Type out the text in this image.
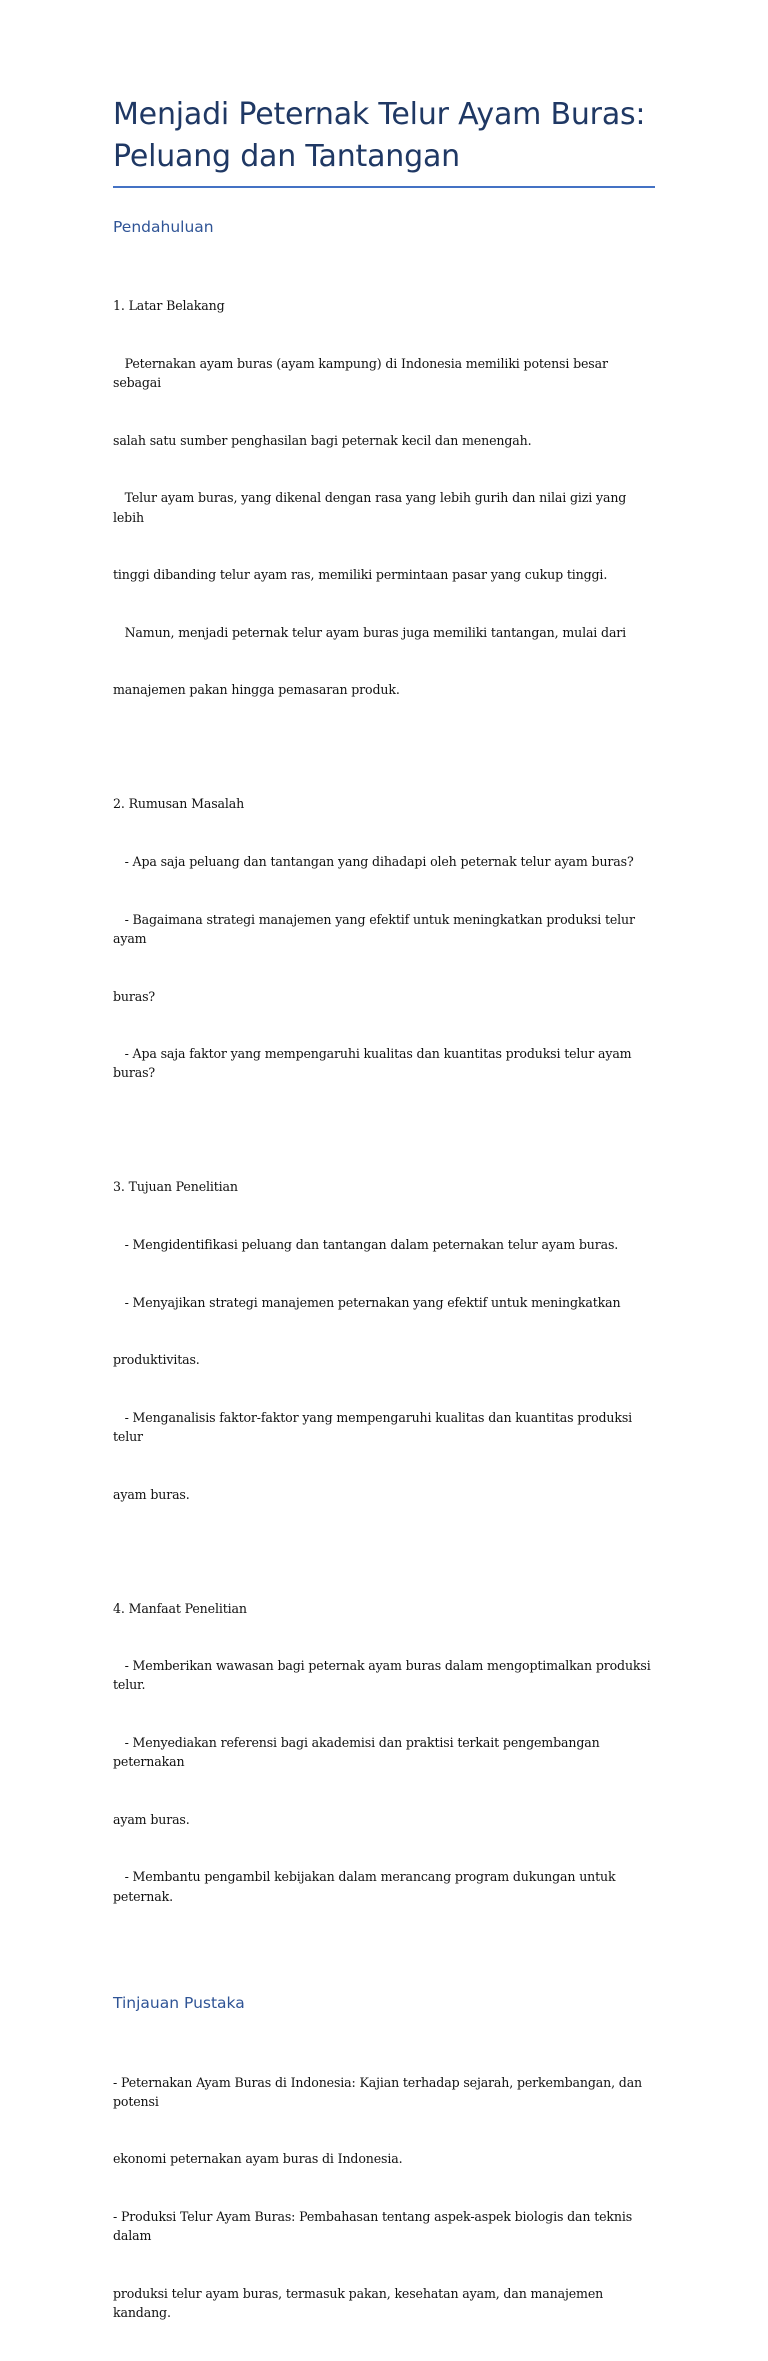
Menjadi Peternak Telur Ayam Buras:
Peluang dan Tantangan
Pendahuluan

1. Latar Belakang

Peternakan ayam buras (ayam kampung) di Indonesia memiliki potensi besar sebagai

salah satu sumber penghasilan bagi peternak kecil dan menengah.

Telur ayam buras, yang dikenal dengan rasa yang lebih gurih dan nilai gizi yang lebih

tinggi dibanding telur ayam ras, memiliki permintaan pasar yang cukup tinggi.

Namun, menjadi peternak telur ayam buras juga memiliki tantangan, mulai dari

manajemen pakan hingga pemasaran produk.

2. Rumusan Masalah

- Apa saja peluang dan tantangan yang dihadapi oleh peternak telur ayam buras?

- Bagaimana strategi manajemen yang efektif untuk meningkatkan produksi telur ayam

buras?

- Apa saja faktor yang mempengaruhi kualitas dan kuantitas produksi telur ayam buras?

3. Tujuan Penelitian

- Mengidentifikasi peluang dan tantangan dalam peternakan telur ayam buras.

- Menyajikan strategi manajemen peternakan yang efektif untuk meningkatkan

produktivitas.

- Menganalisis faktor-faktor yang mempengaruhi kualitas dan kuantitas produksi telur

ayam buras.

4. Manfaat Penelitian

- Memberikan wawasan bagi peternak ayam buras dalam mengoptimalkan produksi telur.

- Menyediakan referensi bagi akademisi dan praktisi terkait pengembangan peternakan

ayam buras.

- Membantu pengambil kebijakan dalam merancang program dukungan untuk peternak.

Tinjauan Pustaka

- Peternakan Ayam Buras di Indonesia: Kajian terhadap sejarah, perkembangan, dan potensi

ekonomi peternakan ayam buras di Indonesia.

- Produksi Telur Ayam Buras: Pembahasan tentang aspek-aspek biologis dan teknis dalam

produksi telur ayam buras, termasuk pakan, kesehatan ayam, dan manajemen kandang.
